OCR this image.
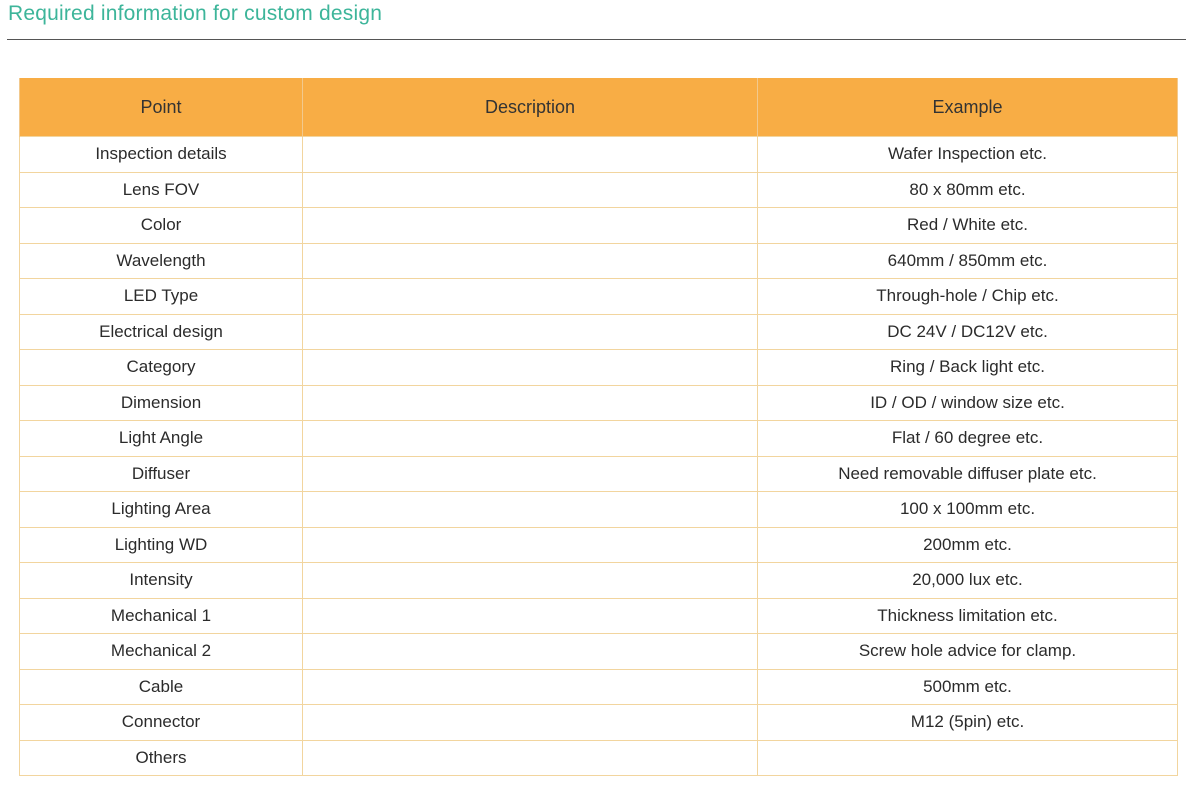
Required information for custom design
Point	Description	Example
Inspection details		Wafer Inspection etc.
Lens FOV		80 x 80mm etc.
Color		Red / White etc.
Wavelength		640mm / 850mm etc.
LED Type		Through-hole / Chip etc.
Electrical design		DC 24V / DC12V etc.
Category		Ring / Back light etc.
Dimension		ID / OD / window size etc.
Light Angle		Flat / 60 degree etc.
Diffuser		Need removable diffuser plate etc.
Lighting Area		100 x 100mm etc.
Lighting WD		200mm etc.
Intensity		20,000 lux etc.
Mechanical 1		Thickness limitation etc.
Mechanical 2		Screw hole advice for clamp.
Cable		500mm etc.
Connector		M12 (5pin) etc.
Others		
